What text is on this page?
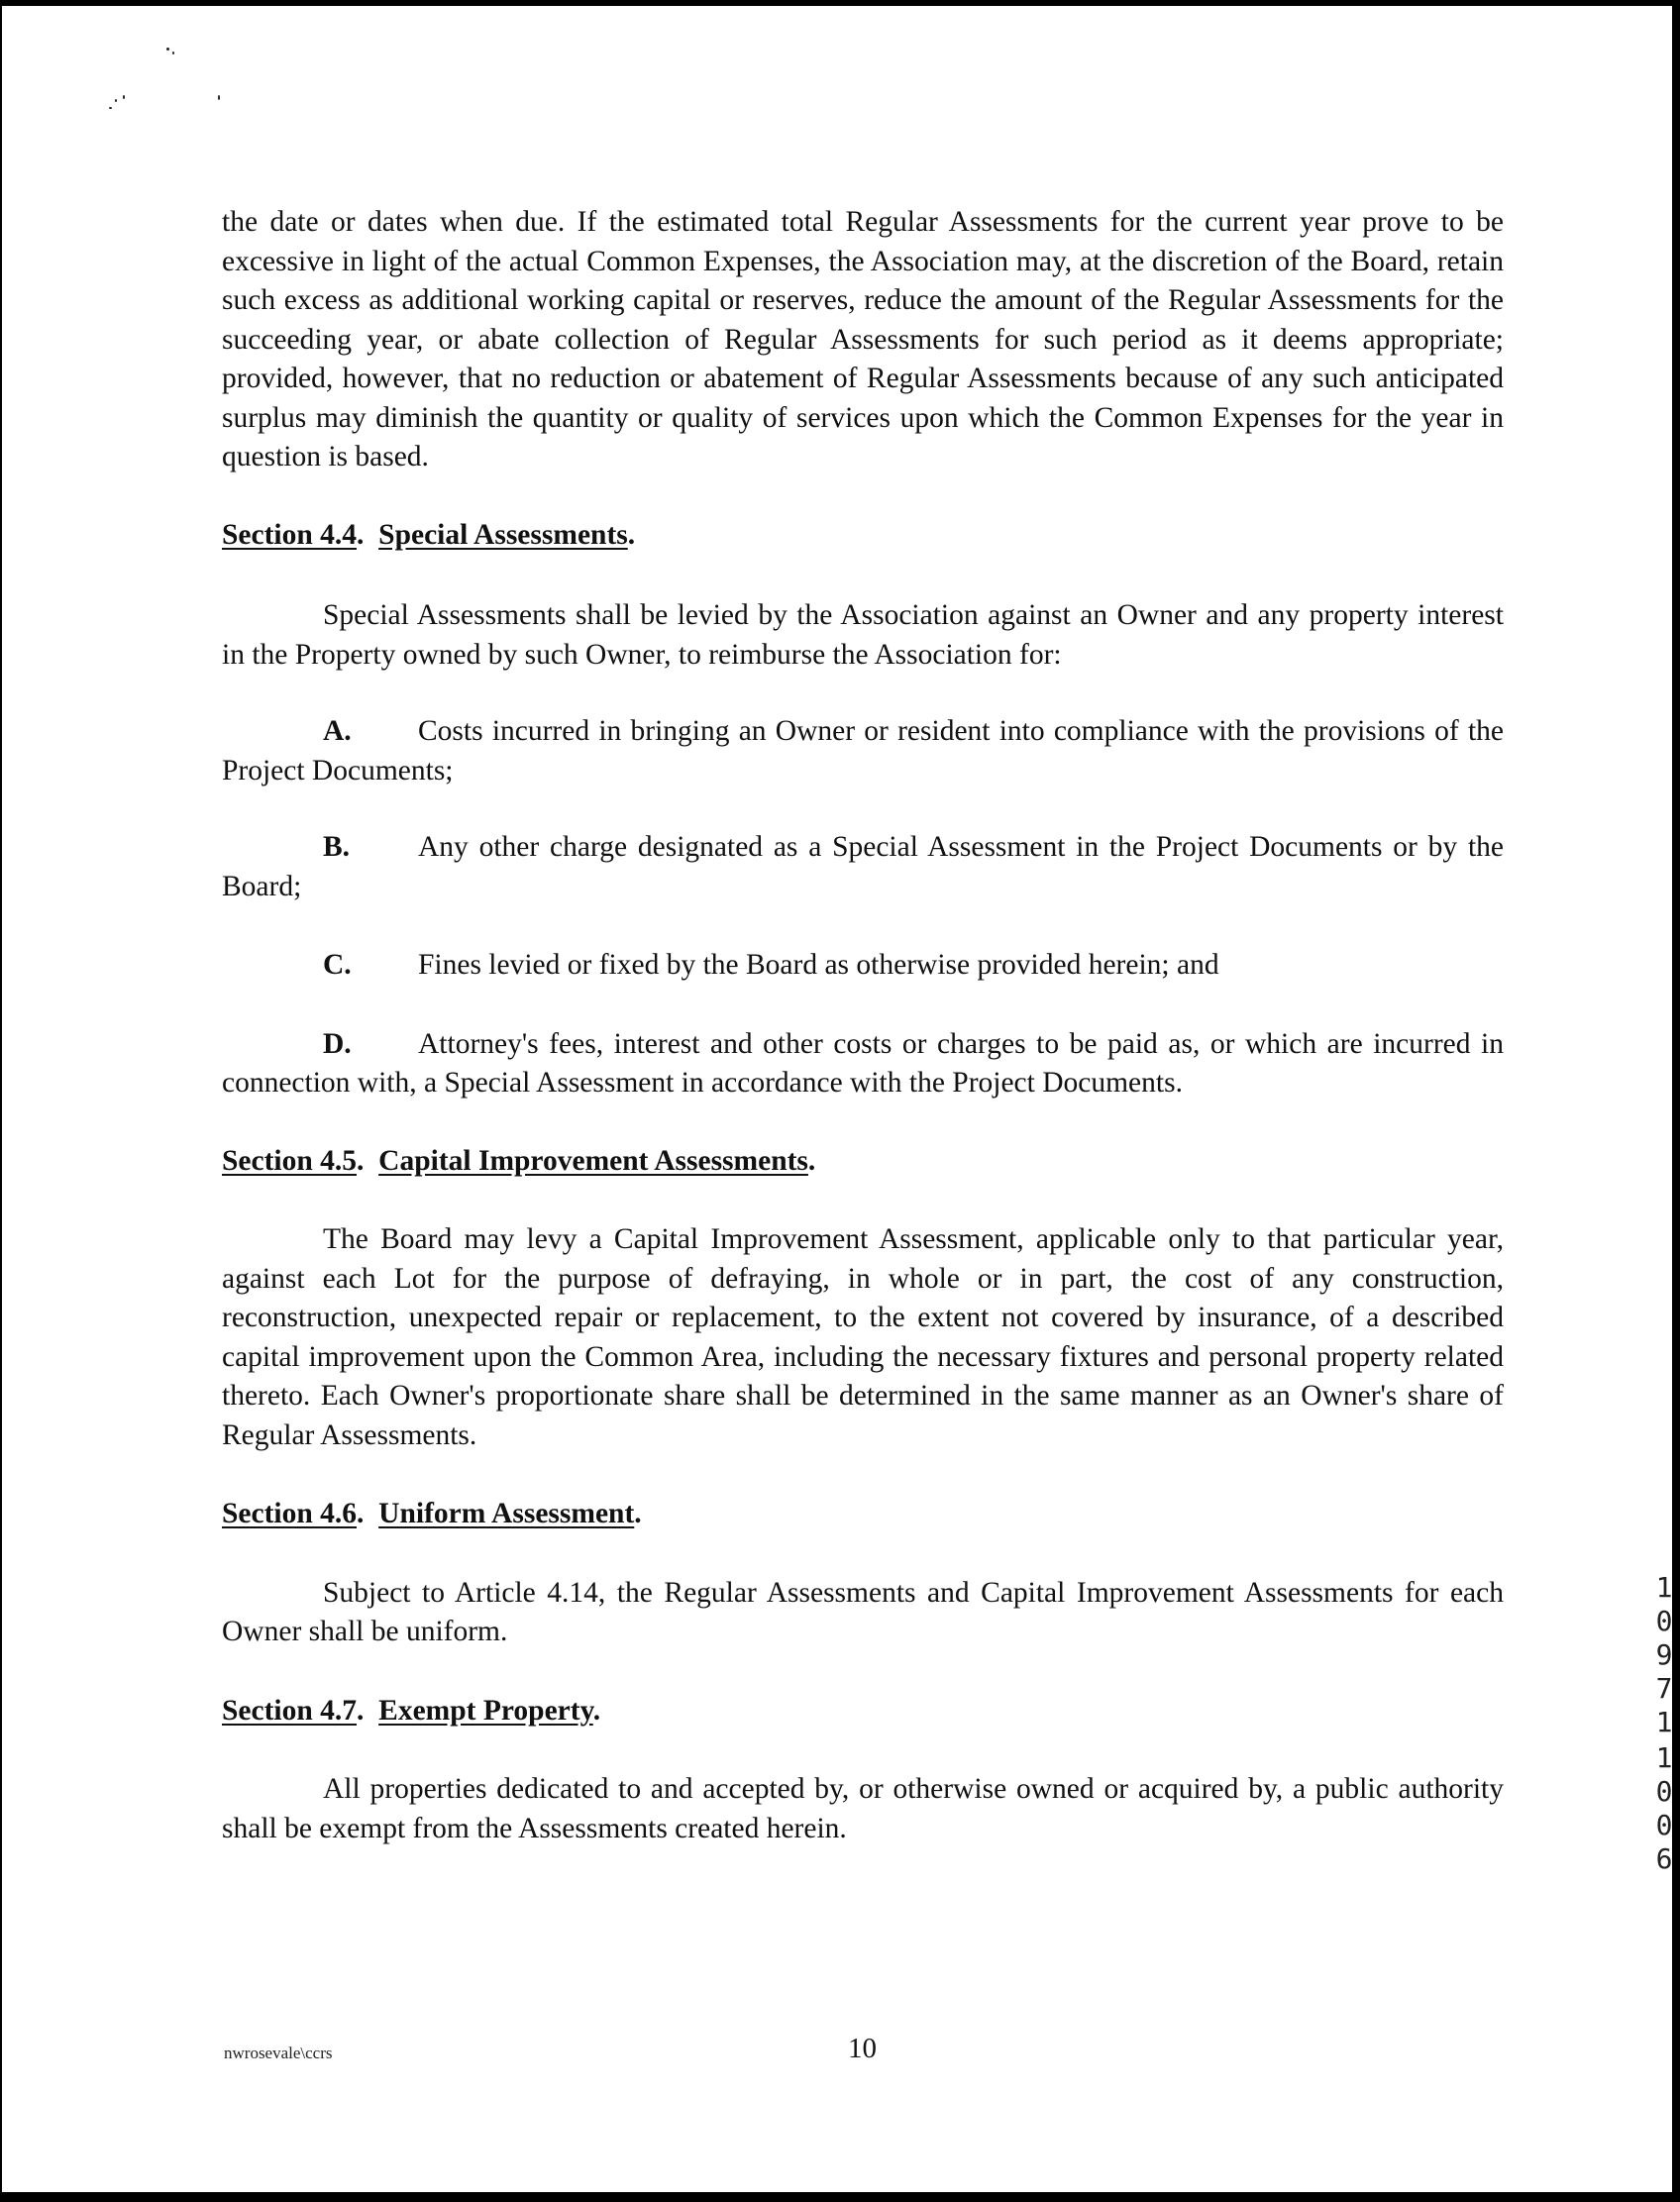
the date or dates when due. If the estimated total Regular Assessments for the current year prove to be excessive in light of the actual Common Expenses, the Association may, at the discretion of the Board, retain such excess as additional working capital or reserves, reduce the amount of the Regular Assessments for the succeeding year, or abate collection of Regular Assessments for such period as it deems appropriate; provided, however, that no reduction or abatement of Regular Assessments because of any such anticipated surplus may diminish the quantity or quality of services upon which the Common Expenses for the year in question is based.

Section 4.4.  Special Assessments.

Special Assessments shall be levied by the Association against an Owner and any property interest in the Property owned by such Owner, to reimburse the Association for:

A. Costs incurred in bringing an Owner or resident into compliance with the provisions of the Project Documents;

B. Any other charge designated as a Special Assessment in the Project Documents or by the Board;

C. Fines levied or fixed by the Board as otherwise provided herein; and

D. Attorney's fees, interest and other costs or charges to be paid as, or which are incurred in connection with, a Special Assessment in accordance with the Project Documents.

Section 4.5.  Capital Improvement Assessments.

The Board may levy a Capital Improvement Assessment, applicable only to that particular year, against each Lot for the purpose of defraying, in whole or in part, the cost of any construction, reconstruction, unexpected repair or replacement, to the extent not covered by insurance, of a described capital improvement upon the Common Area, including the necessary fixtures and personal property related thereto. Each Owner's proportionate share shall be determined in the same manner as an Owner's share of Regular Assessments.

Section 4.6.  Uniform Assessment.

Subject to Article 4.14, the Regular Assessments and Capital Improvement Assessments for each Owner shall be uniform.

Section 4.7.  Exempt Property.

All properties dedicated to and accepted by, or otherwise owned or acquired by, a public authority shall be exempt from the Assessments created herein.

nwrosevale\ccrs	10
1
0
9
7
1
1
0
0
6
